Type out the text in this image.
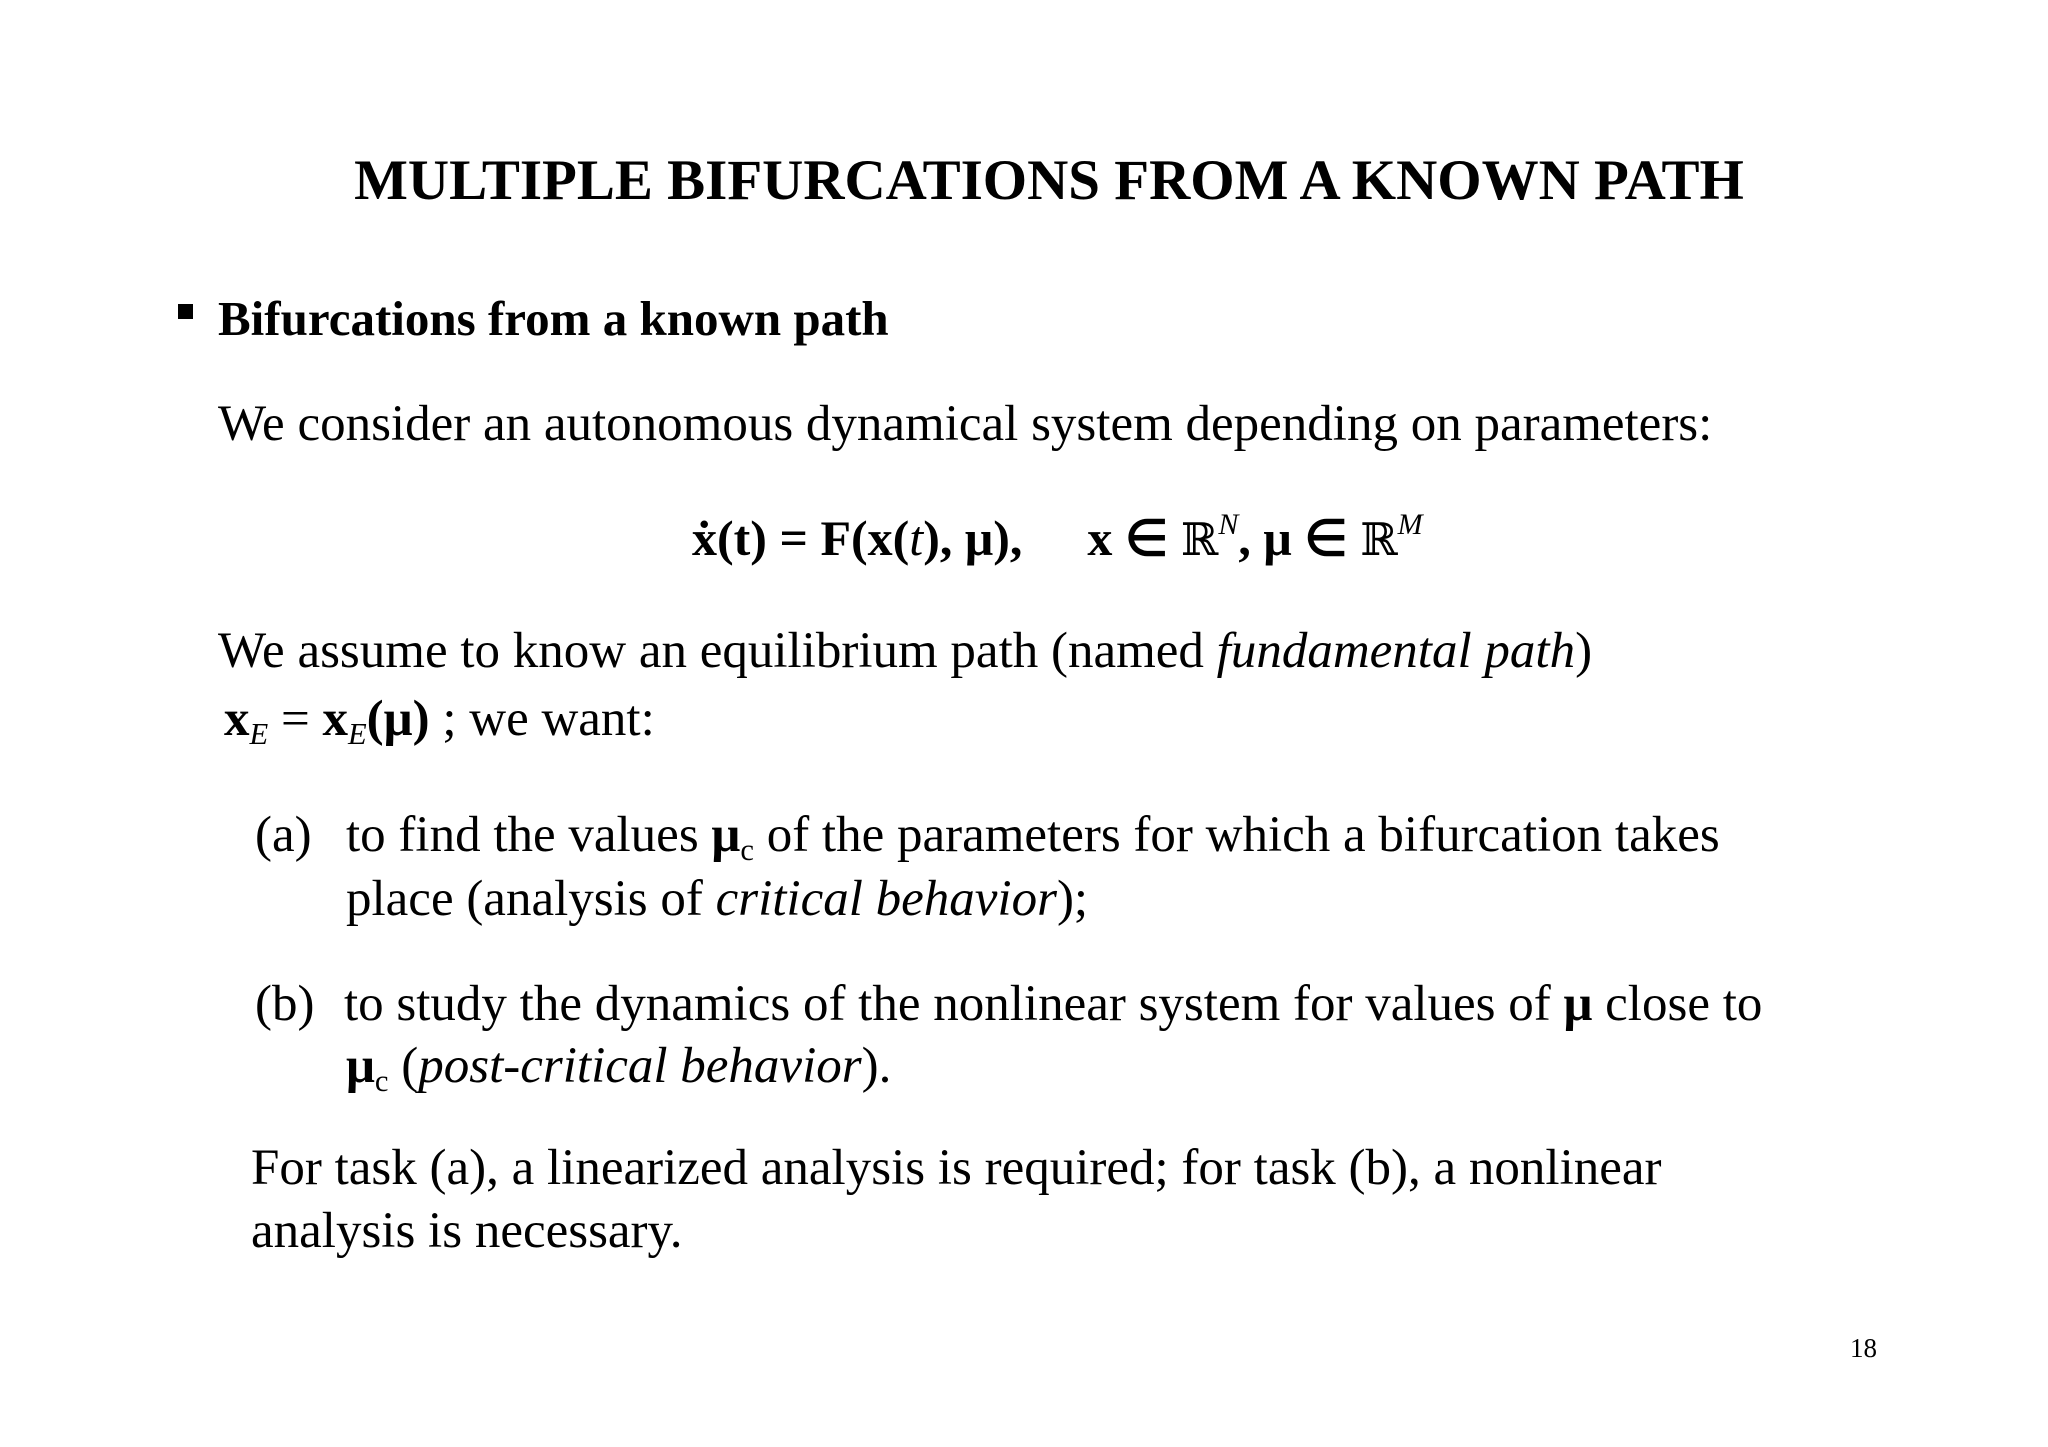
MULTIPLE BIFURCATIONS FROM A KNOWN PATH
Bifurcations from a known path
We consider an autonomous dynamical system depending on parameters:
ẋ(t) = F(x(t), μ), x ∈ ℝ$^N$, μ ∈ ℝ$^M$
We assume to know an equilibrium path (named fundamental path)
$x_E = x_E(\mu)$ ; we want:
(a) to find the values $\mu_c$ of the parameters for which a bifurcation takes
place (analysis of critical behavior);
(b) to study the dynamics of the nonlinear system for values of μ close to
$\mu_c$ (post-critical behavior).
For task (a), a linearized analysis is required; for task (b), a nonlinear
analysis is necessary.
18
